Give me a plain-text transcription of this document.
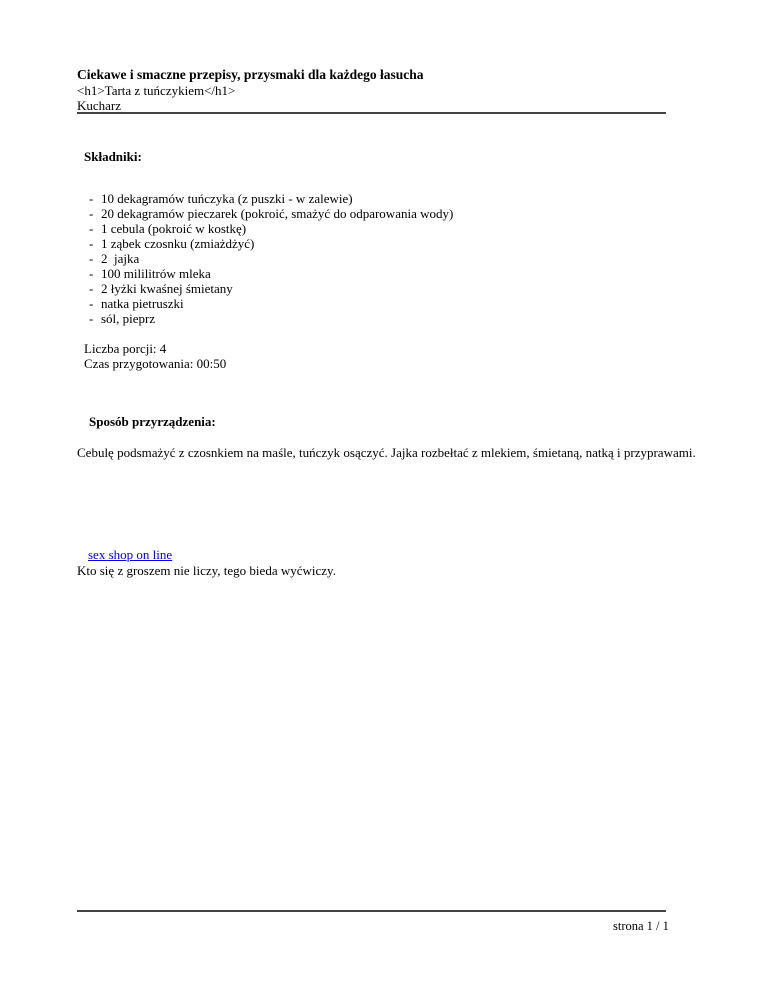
Ciekawe i smaczne przepisy, przysmaki dla każdego łasucha

<h1>Tarta z tuńczykiem</h1>

Kucharz

Składniki:

- 10 dekagramów tuńczyka (z puszki - w zalewie)
- 20 dekagramów pieczarek (pokroić, smażyć do odparowania wody)
- 1 cebula (pokroić w kostkę)
- 1 ząbek czosnku (zmiażdżyć)
- 2  jajka
- 100 mililitrów mleka
- 2 łyżki kwaśnej śmietany
- natka pietruszki
- sól, pieprz
Liczba porcji: 4
Czas przygotowania: 00:50

Sposób przyrządzenia:

Cebulę podsmażyć z czosnkiem na maśle, tuńczyk osączyć. Jajka rozbełtać z mlekiem, śmietaną, natką i przyprawami.

sex shop on line

Kto się z groszem nie liczy, tego bieda wyćwiczy.

strona 1 / 1
